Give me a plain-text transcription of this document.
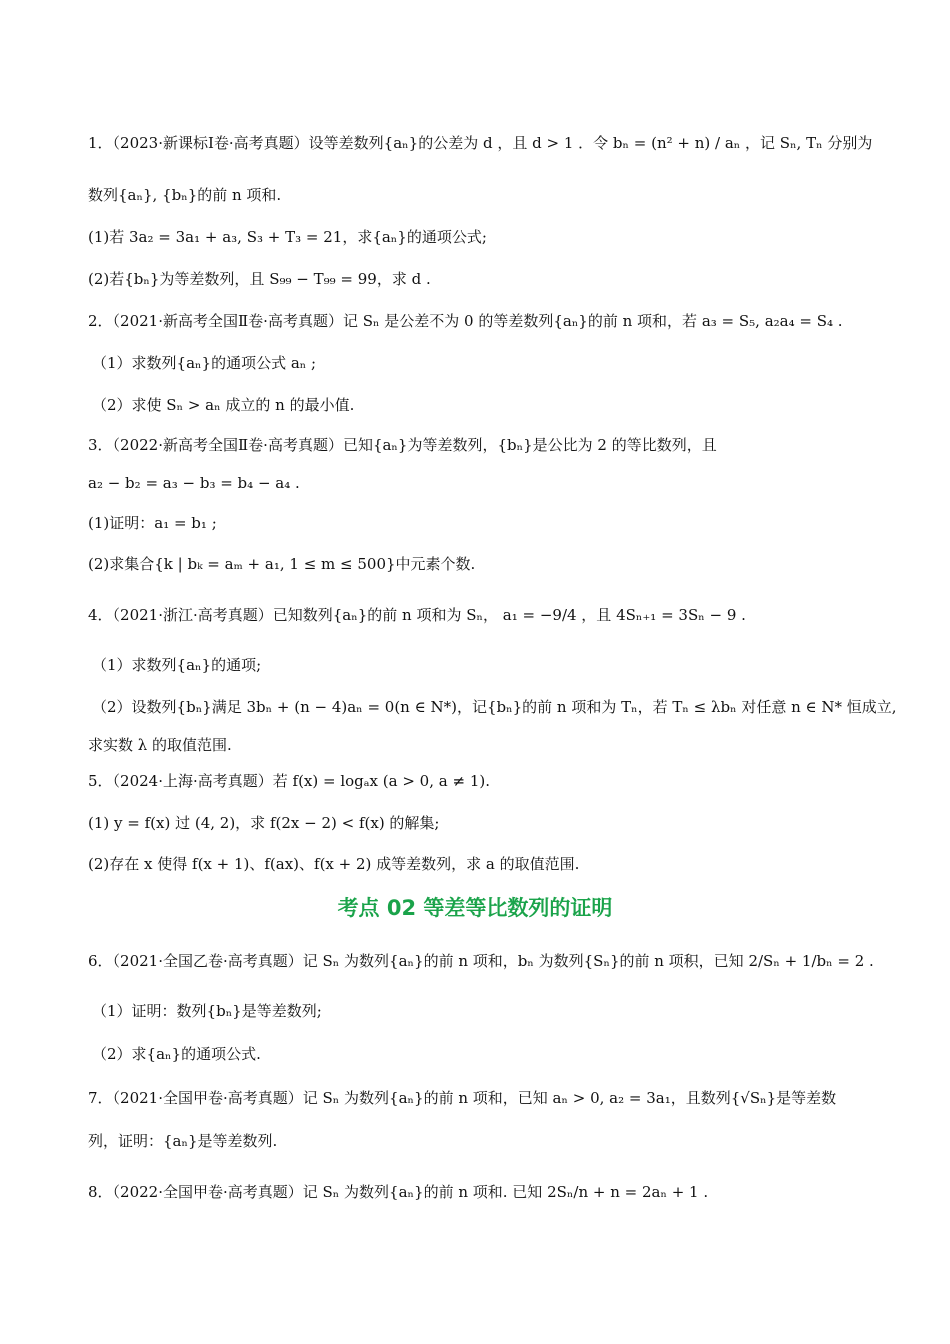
1．（2023·新课标Ⅰ卷·高考真题）设等差数列{aₙ}的公差为 d ，且 d > 1 ．令 bₙ = (n² + n) / aₙ ，记 Sₙ, Tₙ 分别为
数列{aₙ}, {bₙ}的前 n 项和.
(1)若 3a₂ = 3a₁ + a₃, S₃ + T₃ = 21，求{aₙ}的通项公式;
(2)若{bₙ}为等差数列，且 S₉₉ − T₉₉ = 99，求 d .
2．（2021·新高考全国Ⅱ卷·高考真题）记 Sₙ 是公差不为 0 的等差数列{aₙ}的前 n 项和，若 a₃ = S₅, a₂a₄ = S₄ .
（1）求数列{aₙ}的通项公式 aₙ ;
（2）求使 Sₙ > aₙ 成立的 n 的最小值.
3．（2022·新高考全国Ⅱ卷·高考真题）已知{aₙ}为等差数列，{bₙ}是公比为 2 的等比数列，且
a₂ − b₂ = a₃ − b₃ = b₄ − a₄ .
(1)证明：a₁ = b₁ ;
(2)求集合{k | bₖ = aₘ + a₁, 1 ≤ m ≤ 500}中元素个数.
4．（2021·浙江·高考真题）已知数列{aₙ}的前 n 项和为 Sₙ， a₁ = −9/4 ，且 4Sₙ₊₁ = 3Sₙ − 9 .
（1）求数列{aₙ}的通项;
（2）设数列{bₙ}满足 3bₙ + (n − 4)aₙ = 0(n ∈ N*)，记{bₙ}的前 n 项和为 Tₙ，若 Tₙ ≤ λbₙ 对任意 n ∈ N* 恒成立,
求实数 λ 的取值范围.
5．（2024·上海·高考真题）若 f(x) = logₐx (a > 0, a ≠ 1).
(1) y = f(x) 过 (4, 2)，求 f(2x − 2) < f(x) 的解集;
(2)存在 x 使得 f(x + 1)、f(ax)、f(x + 2) 成等差数列，求 a 的取值范围.
考点 02 等差等比数列的证明
6．（2021·全国乙卷·高考真题）记 Sₙ 为数列{aₙ}的前 n 项和，bₙ 为数列{Sₙ}的前 n 项积，已知 2/Sₙ + 1/bₙ = 2 .
（1）证明：数列{bₙ}是等差数列;
（2）求{aₙ}的通项公式.
7．（2021·全国甲卷·高考真题）记 Sₙ 为数列{aₙ}的前 n 项和，已知 aₙ > 0, a₂ = 3a₁，且数列{√Sₙ}是等差数
列，证明：{aₙ}是等差数列.
8．（2022·全国甲卷·高考真题）记 Sₙ 为数列{aₙ}的前 n 项和. 已知 2Sₙ/n + n = 2aₙ + 1 .
